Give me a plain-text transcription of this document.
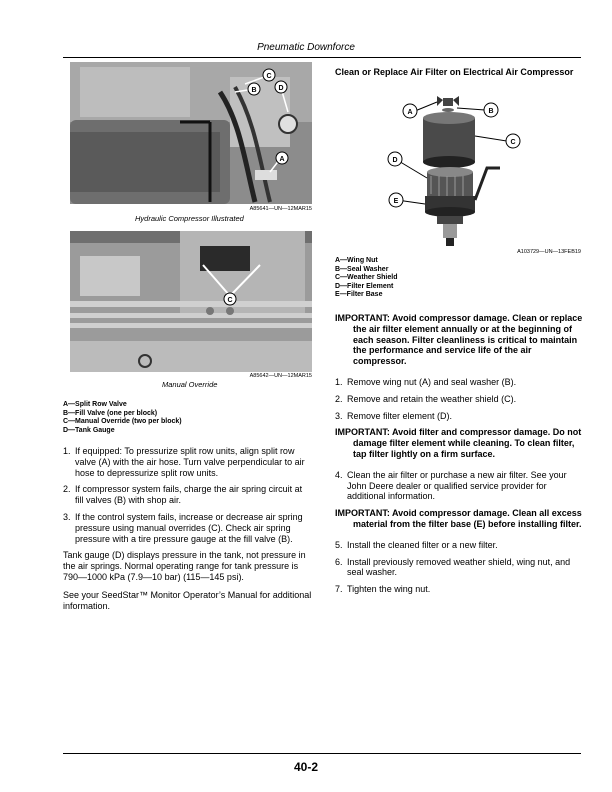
Pneumatic Downforce
C
B	D
A
A85641—UN—12MAR15
Hydraulic Compressor Illustrated
C
A85642—UN—12MAR15
Manual Override
A—Split Row Valve
B—Fill Valve (one per block)
C—Manual Override (two per block)
D—Tank Gauge
1. If equipped: To pressurize split row units, align split row valve (A) with the air hose. Turn valve perpendicular to air hose to depressurize split row units.
2. If compressor system fails, charge the air spring circuit at fill valves (B) with shop air.
3. If the control system fails, increase or decrease air spring pressure using manual overrides (C). Check air spring pressure with a tire pressure gauge at the fill valve (B).

Tank gauge (D) displays pressure in the tank, not pressure in the air springs. Normal operating range for tank pressure is 790—1000 kPa (7.9—10 bar) (115—145 psi).

See your SeedStar™ Monitor Operator’s Manual for additional information.

Clean or Replace Air Filter on Electrical Air Compressor
A	B
C
D
E
A103729—UN—13FEB19
A—Wing Nut
B—Seal Washer
C—Weather Shield
D—Filter Element
E—Filter Base
IMPORTANT: Avoid compressor damage. Clean or replace the air filter element annually or at the beginning of each season. Filter cleanliness is critical to maintain the performance and service life of the air compressor.
1. Remove wing nut (A) and seal washer (B).
2. Remove and retain the weather shield (C).
3. Remove filter element (D).
IMPORTANT: Avoid filter and compressor damage. Do not damage filter element while cleaning. To clean filter, tap filter lightly on a firm surface.
4. Clean the air filter or purchase a new air filter. See your John Deere dealer or qualified service provider for additional information.
IMPORTANT: Avoid compressor damage. Clean all excess material from the filter base (E) before installing filter.
5. Install the cleaned filter or a new filter.
6. Install previously removed weather shield, wing nut, and seal washer.
7. Tighten the wing nut.
40-2
